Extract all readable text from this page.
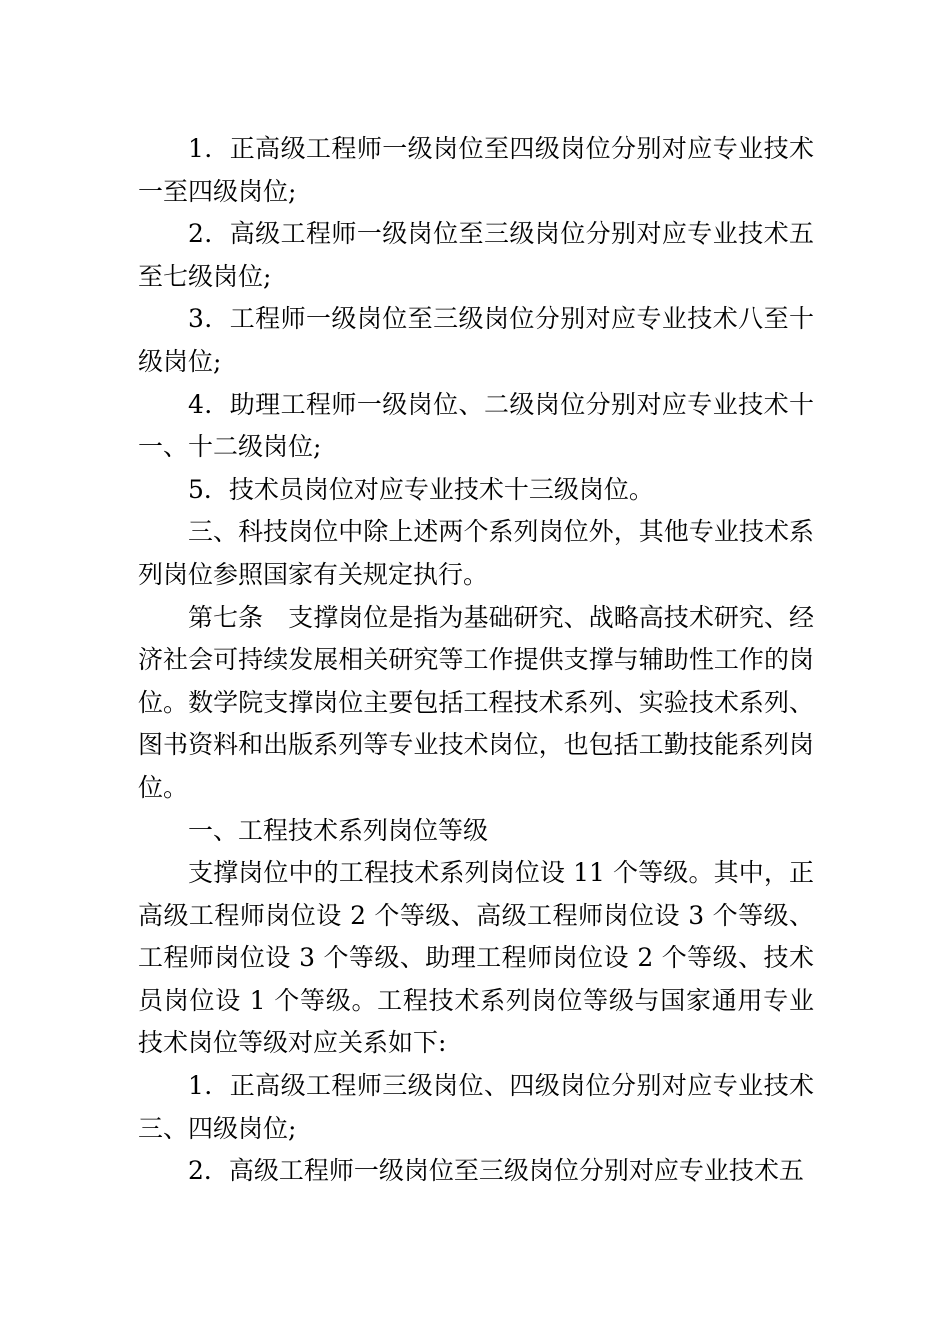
1．正高级工程师一级岗位至四级岗位分别对应专业技术一至四级岗位;

2．高级工程师一级岗位至三级岗位分别对应专业技术五至七级岗位;

3．工程师一级岗位至三级岗位分别对应专业技术八至十级岗位;

4．助理工程师一级岗位、二级岗位分别对应专业技术十一、十二级岗位;

5．技术员岗位对应专业技术十三级岗位。

三、科技岗位中除上述两个系列岗位外，其他专业技术系列岗位参照国家有关规定执行。

第七条　支撑岗位是指为基础研究、战略高技术研究、经济社会可持续发展相关研究等工作提供支撑与辅助性工作的岗位。数学院支撑岗位主要包括工程技术系列、实验技术系列、图书资料和出版系列等专业技术岗位，也包括工勤技能系列岗位。

一、工程技术系列岗位等级

支撑岗位中的工程技术系列岗位设 11 个等级。其中，正高级工程师岗位设 2 个等级、高级工程师岗位设 3 个等级、工程师岗位设 3 个等级、助理工程师岗位设 2 个等级、技术员岗位设 1 个等级。工程技术系列岗位等级与国家通用专业技术岗位等级对应关系如下:

1．正高级工程师三级岗位、四级岗位分别对应专业技术三、四级岗位;

2．高级工程师一级岗位至三级岗位分别对应专业技术五
